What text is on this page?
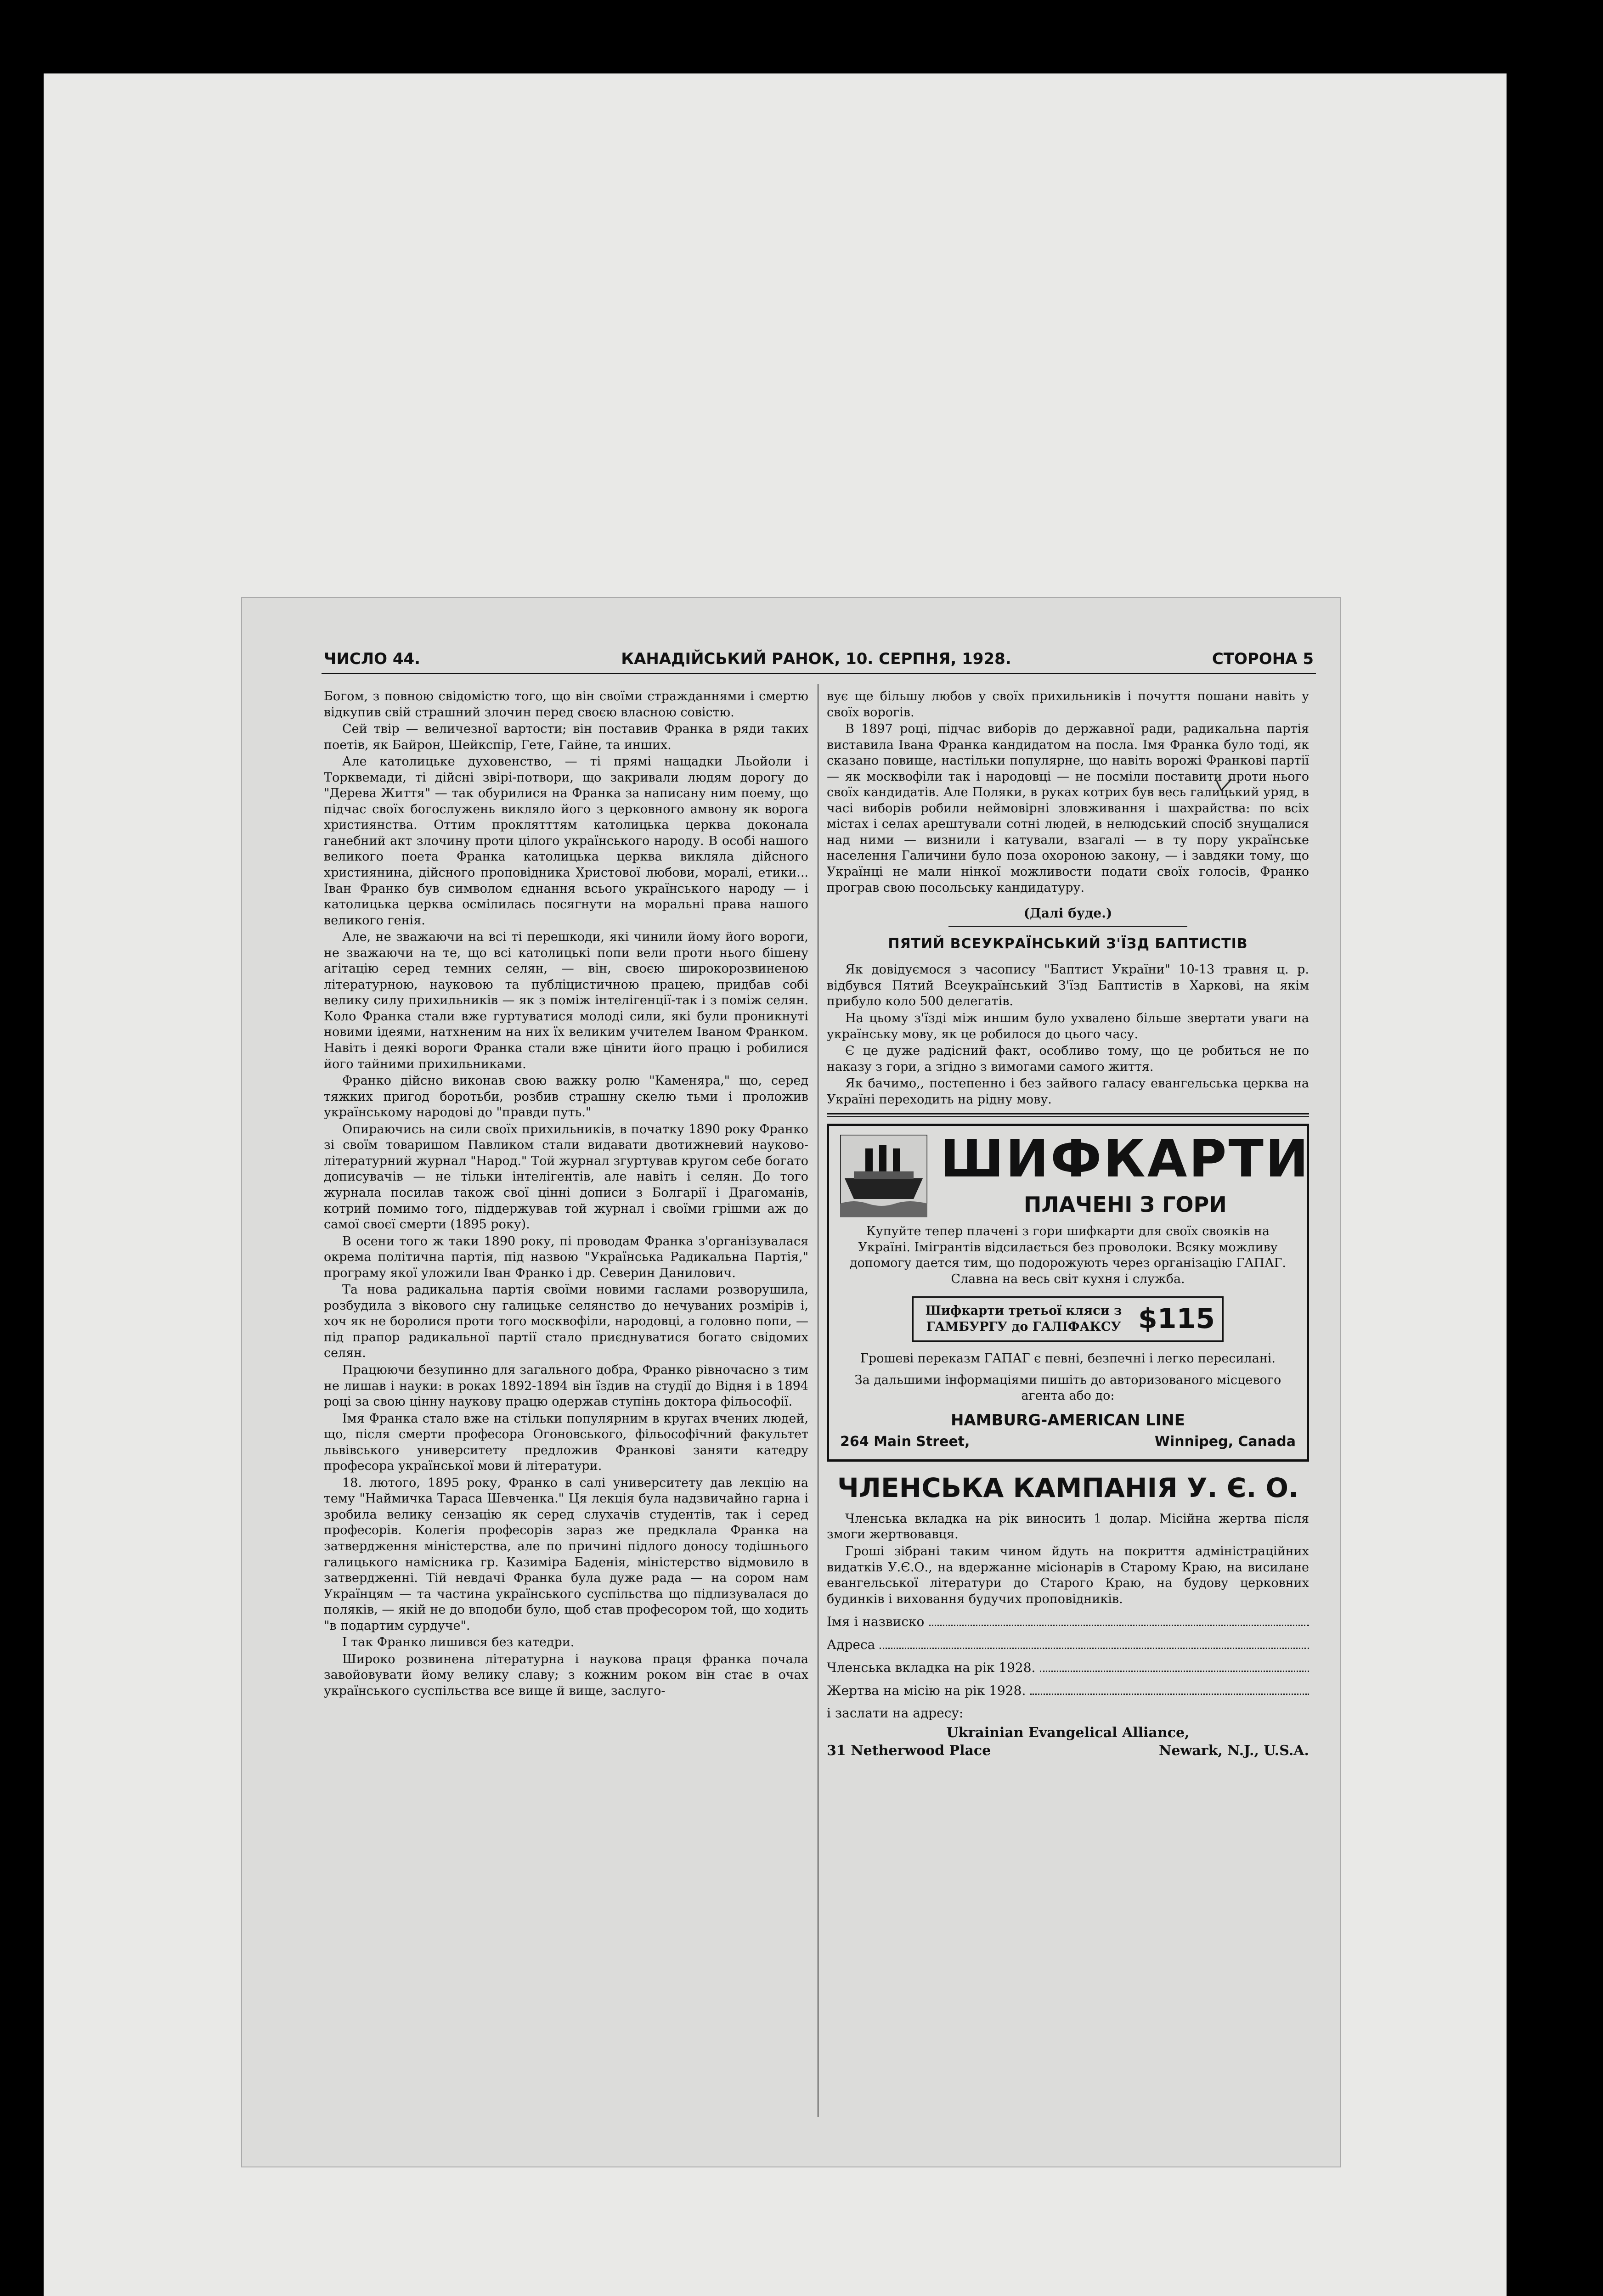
ЧИСЛО 44.	КАНАДІЙСЬКИЙ РАНОК, 10. СЕРПНЯ, 1928.	СТОРОНА 5

Богом, з повною свідомістю того, що він своїми стражданнями і смертю відкупив свій страшний злочин перед своєю власною совістю.

Сей твір — величезної вартости; він поставив Франка в ряди таких поетів, як Байрон, Шейкспір, Гете, Гайне, та инших.

Але католицьке духовенство, — ті прямі нащадки Льойоли і Торквемади, ті дійсні звірі-потвори, що закривали людям дорогу до "Дерева Життя" — так обурилися на Франка за написану ним поему, що підчас своїх богослужень викляло його з церковного амвону як ворога християнства. Оттим проклятттям католицька церква доконала ганебний акт злочину проти цілого українського народу. В особі нашого великого поета Франка католицька церква викляла дійсного християнина, дійсного проповідника Христової любови, моралі, етики... Іван Франко був символом єднання всього українського народу — і католицька церква осмілилась посягнути на моральні права нашого великого генія.

Але, не зважаючи на всі ті перешкоди, які чинили йому його вороги, не зважаючи на те, що всі католицькі попи вели проти нього бішену агітацію серед темних селян, — він, своєю широкорозвиненою літературною, науковою та публіцистичною працею, придбав собі велику силу прихильників — як з поміж інтелігенції-так і з поміж селян. Коло Франка стали вже гуртуватися молоді сили, які були проникнуті новими ідеями, натхненим на них їх великим учителем Іваном Франком. Навіть і деякі вороги Франка стали вже цінити його працю і робилися його тайними прихильниками.

Франко дійсно виконав свою важку ролю "Каменяра," що, серед тяжких пригод боротьби, розбив страшну скелю тьми і проложив українському народові до "правди путь."

Опираючись на сили своїх прихильників, в початку 1890 року Франко зі своїм товаришом Павликом стали видавати двотижневий науково-літературний журнал "Народ." Той журнал згуртував кругом себе богато дописувачів — не тільки інтелігентів, але навіть і селян. До того журнала посилав також свої цінні дописи з Болгарії і Драгоманів, котрий помимо того, піддержував той журнал і своїми грішми аж до самої своєї смерти (1895 року).

В осени того ж таки 1890 року, пі проводам Франка з'організувалася окрема політична партія, під назвою "Українська Радикальна Партія," програму якої уложили Іван Франко і др. Северин Данилович.

Та нова радикальна партія своїми новими гаслами розворушила, розбудила з вікового сну галицьке селянство до нечуваних розмірів і, хоч як не боролися проти того москвофіли, народовці, а головно попи, — під прапор радикальної партії стало приєднуватися богато свідомих селян.

Працюючи безупинно для загального добра, Франко рівночасно з тим не лишав і науки: в роках 1892-1894 він їздив на студії до Відня і в 1894 році за свою цінну наукову працю одержав ступінь доктора фільософії.

Імя Франка стало вже на стільки популярним в кругах вчених людей, що, після смерти професора Огоновського, фільософічний факультет львівського университету предложив Франкові заняти катедру професора української мови й літератури.

18. лютого, 1895 року, Франко в салі университету дав лекцію на тему "Наймичка Тараса Шевченка." Ця лекція була надзвичайно гарна і зробила велику сензацію як серед слухачів студентів, так і серед професорів. Колегія професорів зараз же предклала Франка на затвердження міністерства, але по причині підлого доносу тодішнього галицького намісника гр. Казиміра Баденія, міністерство відмовило в затвердженні. Тій невдачі Франка була дуже рада — на сором нам Українцям — та частина українського суспільства що підлизувалася до поляків, — якій не до вподоби було, щоб став професором той, що ходить "в подартим сурдуче".

І так Франко лишився без катедри.

Широко розвинена літературна і наукова праця франка почала завойовувати йому велику славу; з кожним роком він стає в очах українського суспільства все вище й вище, заслуго-

вує ще більшу любов у своїх прихильників і почуття пошани навіть у своїх ворогів.

В 1897 році, підчас виборів до державної ради, радикальна партія виставила Івана Франка кандидатом на посла. Імя Франка було тоді, як сказано повище, настільки популярне, що навіть ворожі Франкові партії — як москвофіли так і народовці — не посміли поставити проти нього своїх кандидатів. Але Поляки, в руках котрих був весь галицький уряд, в часі виборів робили неймовірні зловживання і шахрайства: по всіх містах і селах арештували сотні людей, в нелюдський спосіб знущалися над ними — визнили і катували, взагалі — в ту пору українське населення Галичини було поза охороною закону, — і завдяки тому, що Українці не мали нінкої можливости подати своїх голосів, Франко програв свою посольську кандидатуру.

(Далі буде.)
ПЯТИЙ ВСЕУКРАЇНСЬКИЙ З'ЇЗД БАПТИСТІВ

Як довідуємося з часопису "Баптист України" 10-13 травня ц. р. відбувся Пятий Всеукраїнський З'їзд Баптистів в Харкові, на якім прибуло коло 500 делегатів.

На цьому з'їзді між иншим було ухвалено більше звертати уваги на українську мову, як це робилося до цього часу.

Є це дуже радісний факт, особливо тому, що це робиться не по наказу з гори, а згідно з вимогами самого життя.

Як бачимо,, постепенно і без зайвого галасу евангельська церква на Україні переходить на рідну мову.

ШИФКАРТИ
ПЛАЧЕНІ З ГОРИ
Купуйте тепер плачені з гори шифкарти для своїх свояків на Україні. Імігрантів відсилається без проволоки. Всяку можливу допомогу дается тим, що подорожують через організацію ГАПАГ. Славна на весь світ кухня і служба.
Шифкарти третьої кляси з ГАМБУРГУ до ГАЛІФАКСУ $115
Грошеві переказм ГАПАГ є певні, безпечні і легко пересилані.
За дальшими інформаціями пишіть до авторизованого місцевого агента або до:
HAMBURG-AMERICAN LINE
264 Main Street,	Winnipeg, Canada
ЧЛЕНСЬКА КАМПАНІЯ У. Є. О.

Членська вкладка на рік виносить 1 долар. Місійна жертва після змоги жертвовавця.

Гроші зібрані таким чином йдуть на покриття адміністраційних видатків У.Є.О., на вдержанне місіонарів в Старому Краю, на висилане евангельської літератури до Старого Краю, на будову церковних будинків і виховання будучих проповідників.

Імя і назвиско
Адреса
Членська вкладка на рік 1928.
Жертва на місію на рік 1928.
і заслати на адресу:
Ukrainian Evangelical Alliance,
31 Netherwood Place	Newark, N.J., U.S.A.
